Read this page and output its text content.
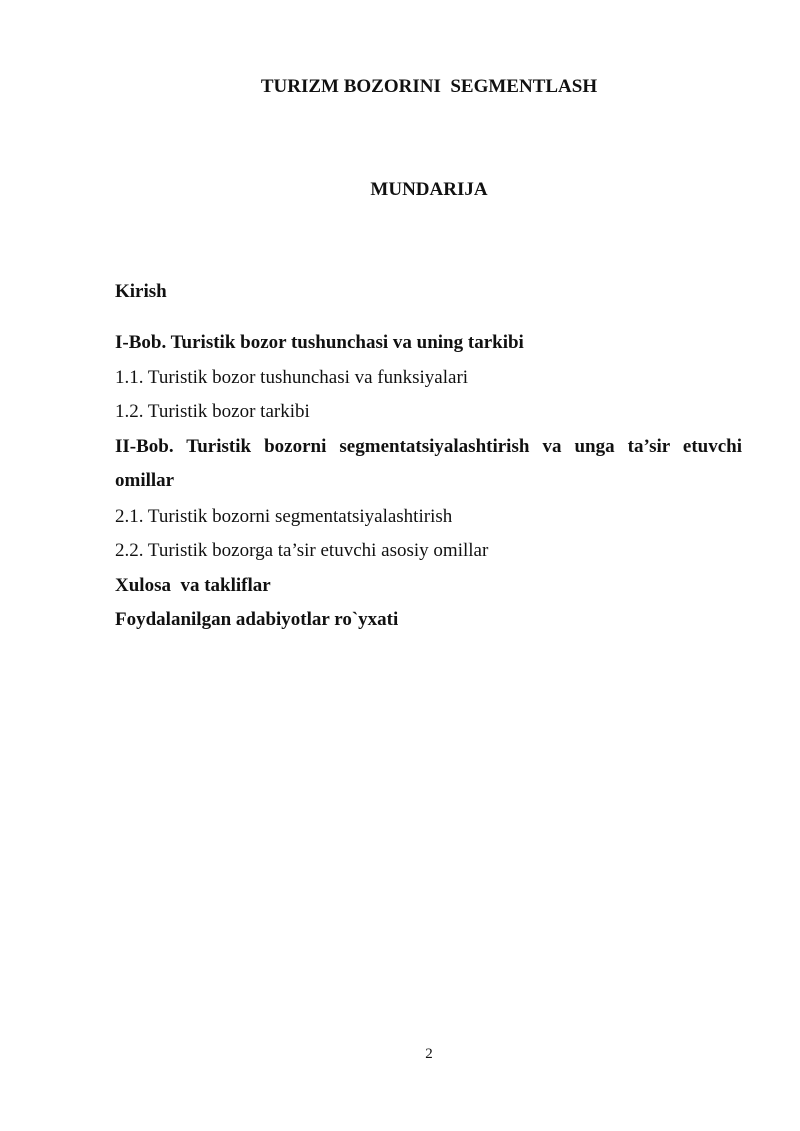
TURIZM BOZORINI  SEGMENTLASH
MUNDARIJA
Kirish
I-Bob. Turistik bozor tushunchasi va uning tarkibi
1.1. Turistik bozor tushunchasi va funksiyalari
1.2. Turistik bozor tarkibi
II-Bob. Turistik bozorni segmentatsiyalashtirish va unga ta’sir etuvchi omillar
2.1. Turistik bozorni segmentatsiyalashtirish
2.2. Turistik bozorga ta’sir etuvchi asosiy omillar
Xulosa  va takliflar
Foydalanilgan adabiyotlar ro`yxati
2
